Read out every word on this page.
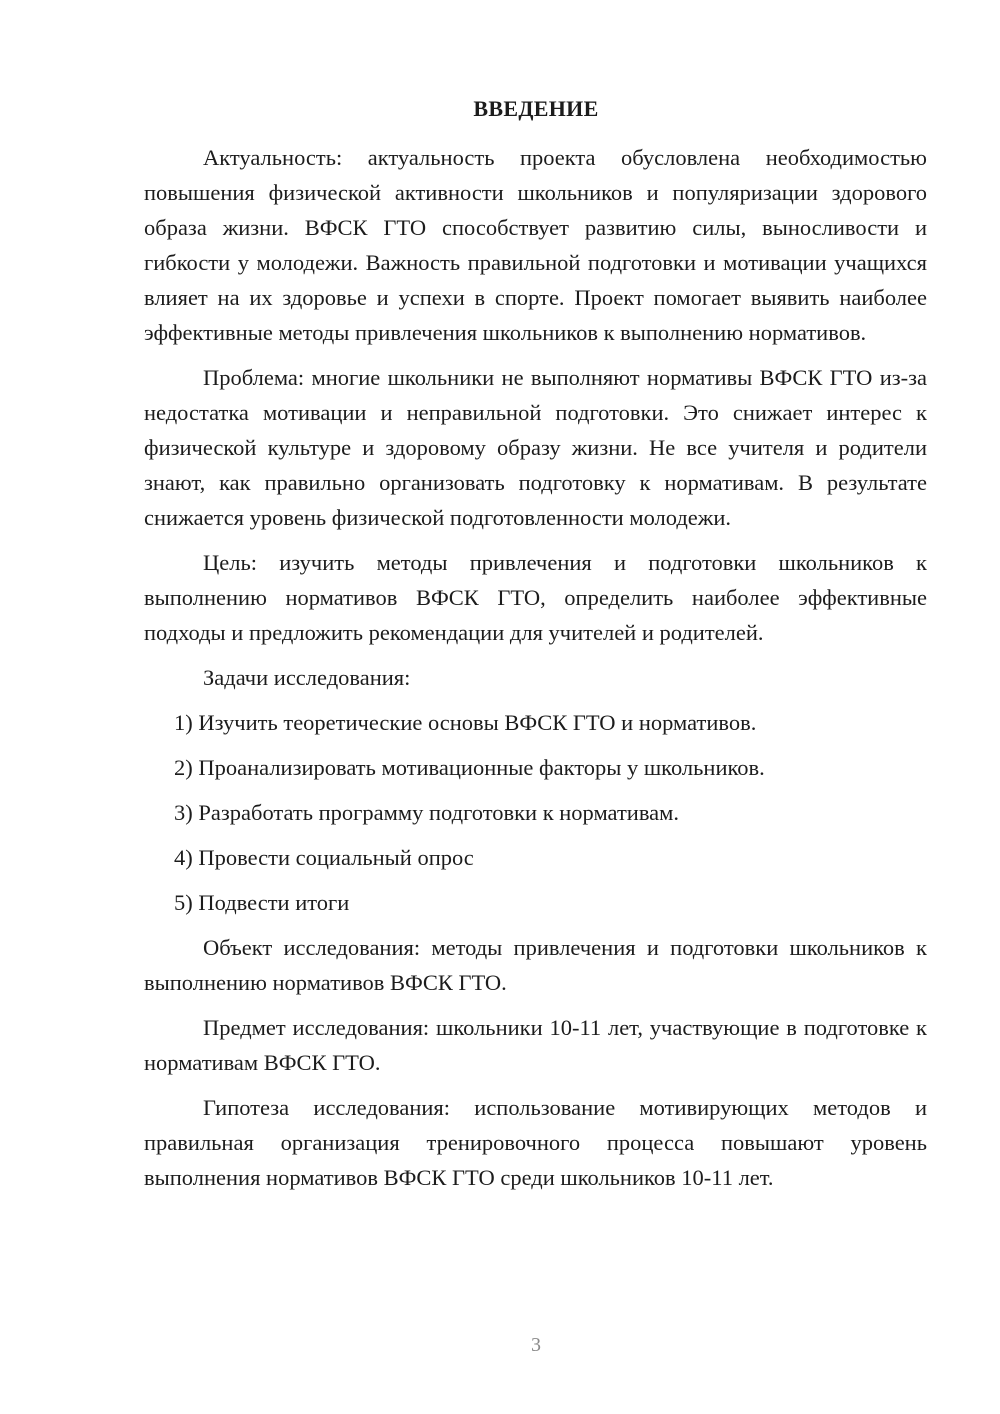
ВВЕДЕНИЕ

Актуальность: актуальность проекта обусловлена необходимостью повышения физической активности школьников и популяризации здорового образа жизни. ВФСК ГТО способствует развитию силы, выносливости и гибкости у молодежи. Важность правильной подготовки и мотивации учащихся влияет на их здоровье и успехи в спорте. Проект помогает выявить наиболее эффективные методы привлечения школьников к выполнению нормативов.

Проблема: многие школьники не выполняют нормативы ВФСК ГТО из-за недостатка мотивации и неправильной подготовки. Это снижает интерес к физической культуре и здоровому образу жизни. Не все учителя и родители знают, как правильно организовать подготовку к нормативам. В результате снижается уровень физической подготовленности молодежи.

Цель: изучить методы привлечения и подготовки школьников к выполнению нормативов ВФСК ГТО, определить наиболее эффективные подходы и предложить рекомендации для учителей и родителей.

Задачи исследования:

1) Изучить теоретические основы ВФСК ГТО и нормативов.

2) Проанализировать мотивационные факторы у школьников.

3) Разработать программу подготовки к нормативам.

4) Провести социальный опрос

5) Подвести итоги

Объект исследования: методы привлечения и подготовки школьников к выполнению нормативов ВФСК ГТО.

Предмет исследования: школьники 10-11 лет, участвующие в подготовке к нормативам ВФСК ГТО.

Гипотеза исследования: использование мотивирующих методов и правильная организация тренировочного процесса повышают уровень выполнения нормативов ВФСК ГТО среди школьников 10-11 лет.

3
